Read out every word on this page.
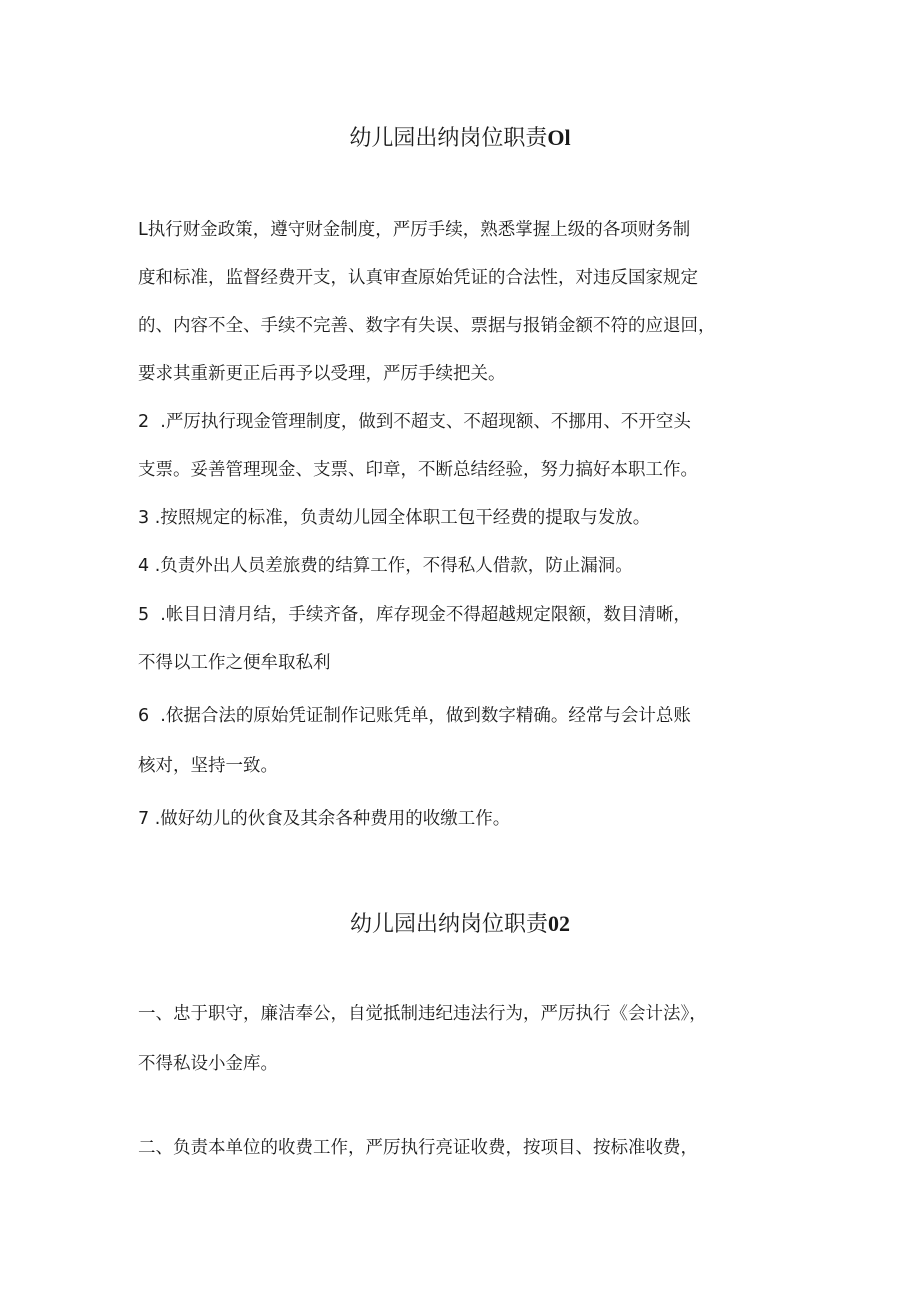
幼儿园出纳岗位职责Ol

L执行财金政策，遵守财金制度，严厉手续，熟悉掌握上级的各项财务制

度和标准，监督经费开支，认真审查原始凭证的合法性，对违反国家规定

的、内容不全、手续不完善、数字有失误、票据与报销金额不符的应退回，

要求其重新更正后再予以受理，严厉手续把关。

2  .严厉执行现金管理制度，做到不超支、不超现额、不挪用、不开空头

支票。妥善管理现金、支票、印章，不断总结经验，努力搞好本职工作。

3 .按照规定的标准，负责幼儿园全体职工包干经费的提取与发放。

4 .负责外出人员差旅费的结算工作，不得私人借款，防止漏洞。

5  .帐目日清月结，手续齐备，库存现金不得超越规定限额，数目清晰，

不得以工作之便牟取私利

6  .依据合法的原始凭证制作记账凭单，做到数字精确。经常与会计总账

核对，坚持一致。

7 .做好幼儿的伙食及其余各种费用的收缴工作。

幼儿园出纳岗位职责02

一、忠于职守，廉洁奉公，自觉抵制违纪违法行为，严厉执行《会计法》，

不得私设小金库。

二、负责本单位的收费工作，严厉执行亮证收费，按项目、按标准收费，
